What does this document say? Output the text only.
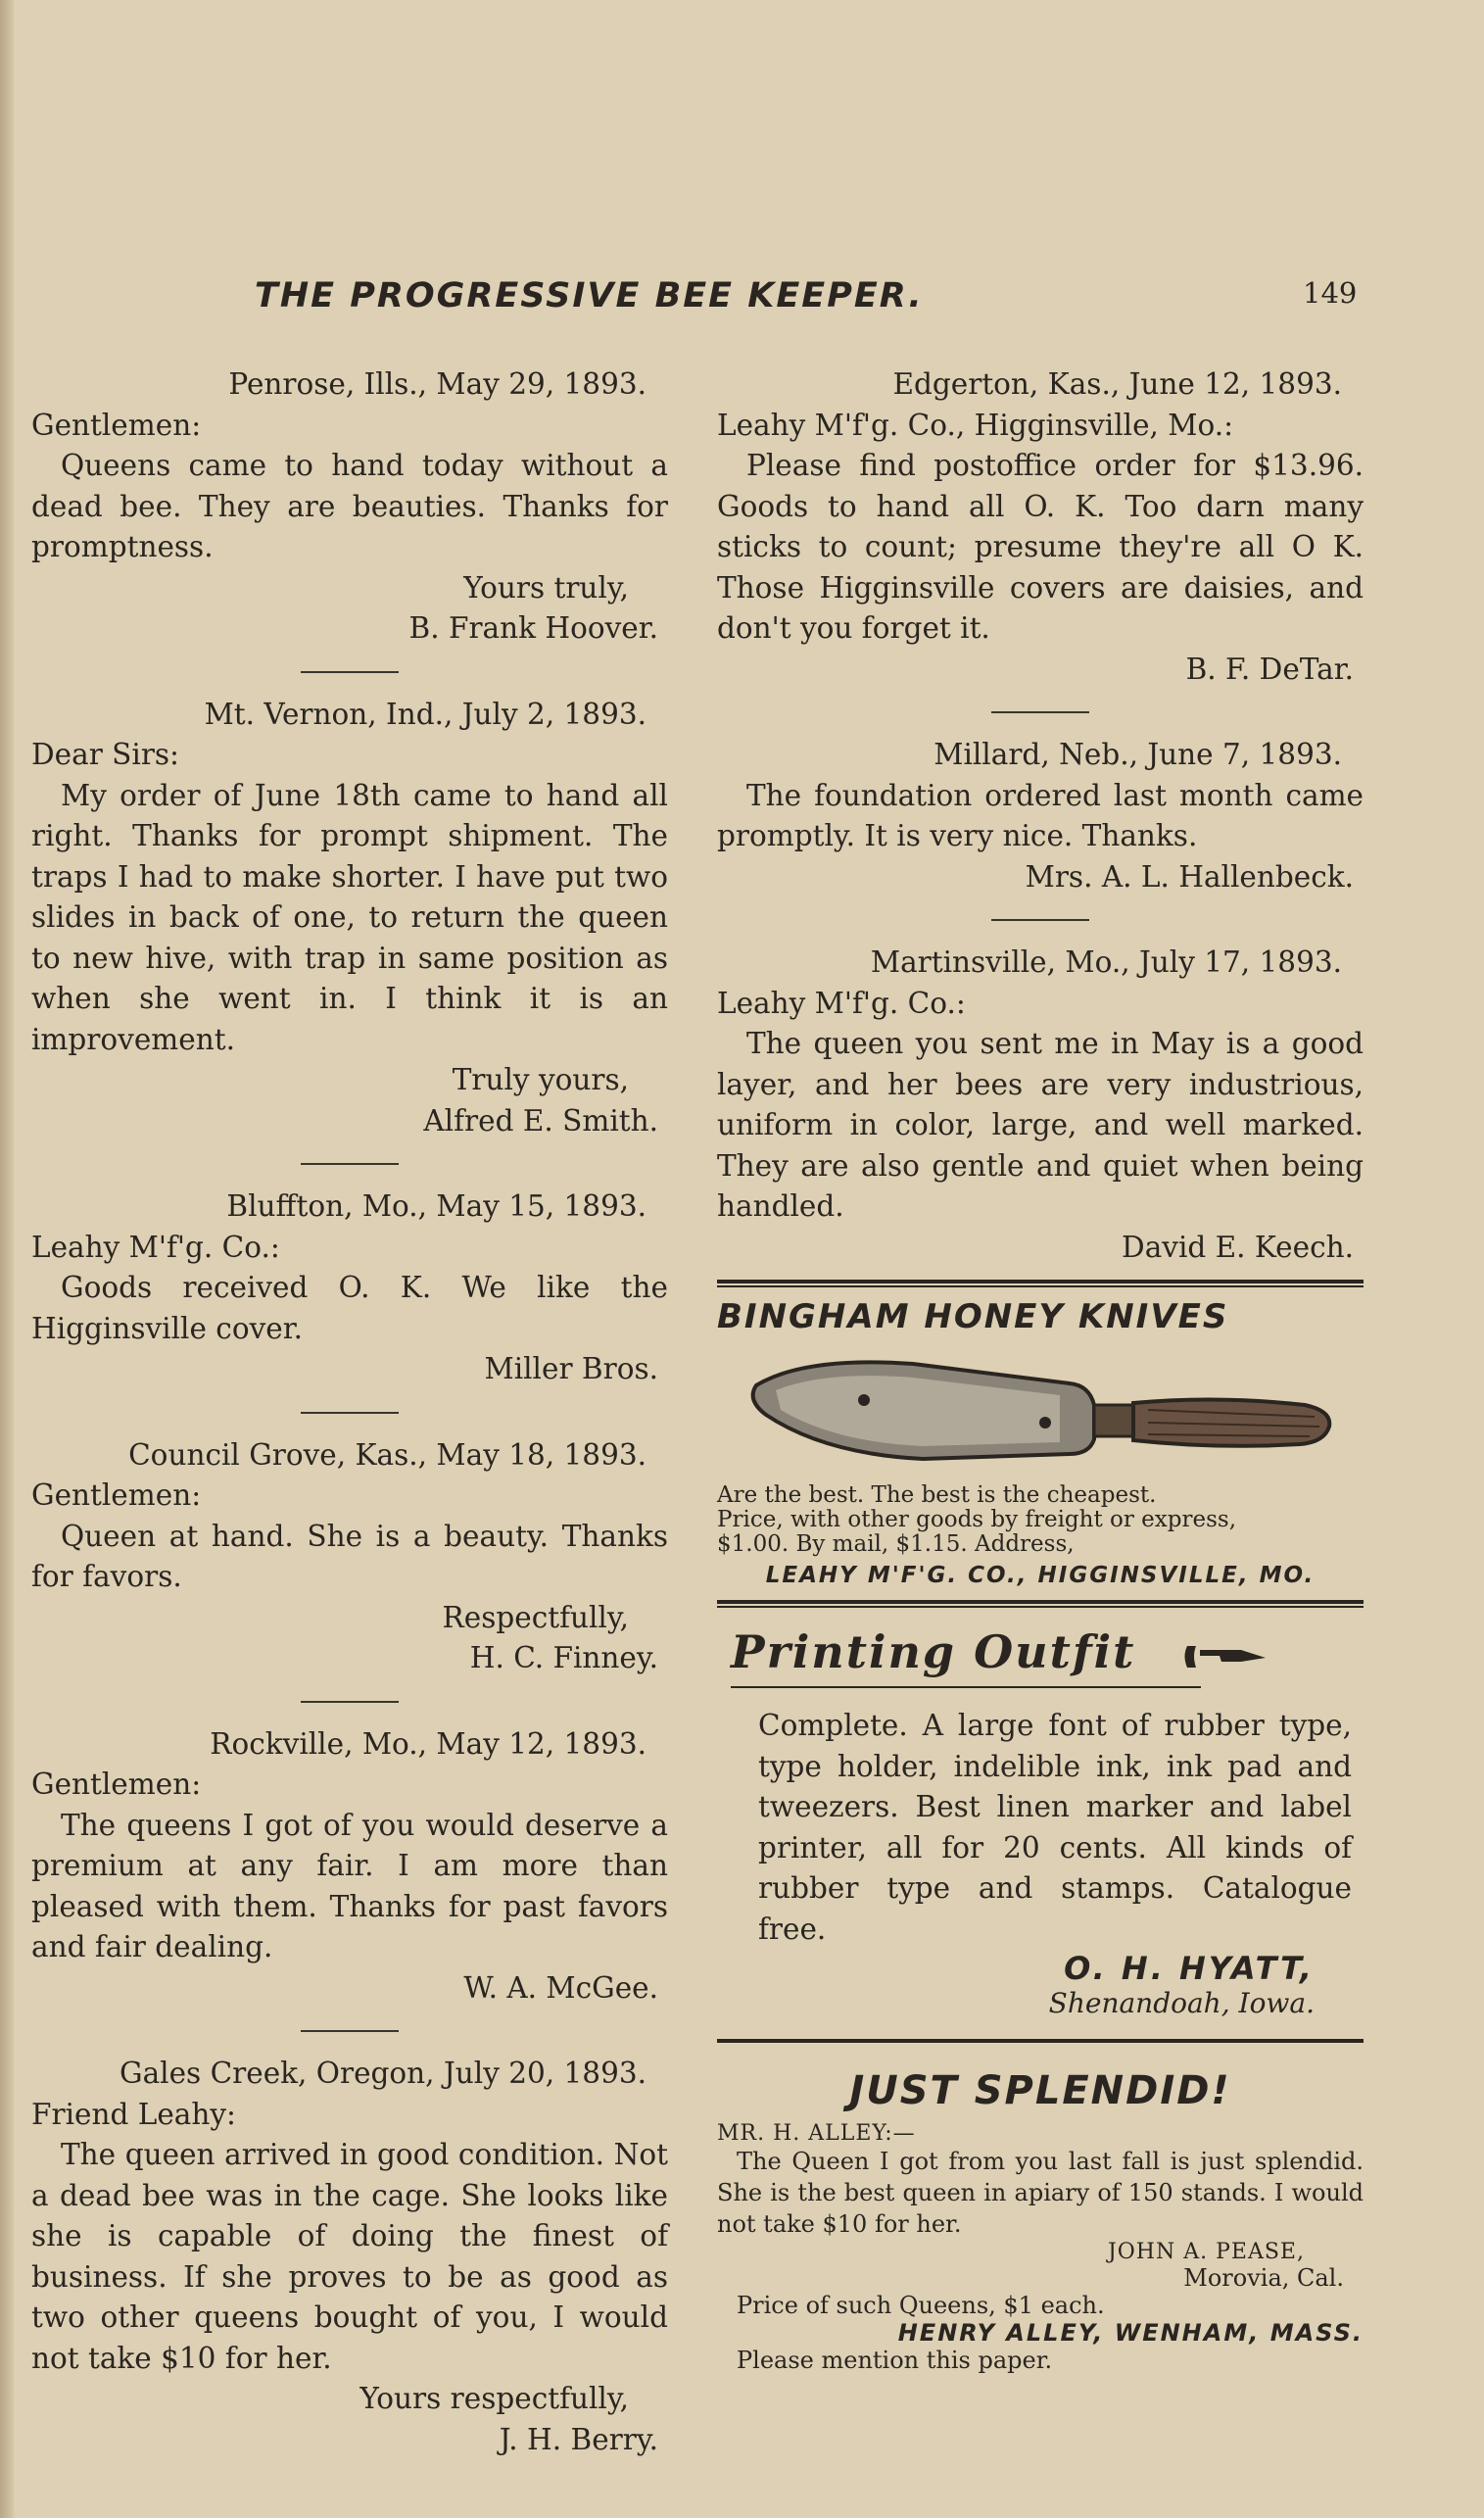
THE PROGRESSIVE BEE KEEPER.	149
Penrose, Ills., May 29, 1893.
Gentlemen:
Queens came to hand today without a dead bee. They are beauties. Thanks for promptness.
Yours truly,
B. Frank Hoover.
Mt. Vernon, Ind., July 2, 1893.
Dear Sirs:
My order of June 18th came to hand all right. Thanks for prompt shipment. The traps I had to make shorter. I have put two slides in back of one, to return the queen to new hive, with trap in same position as when she went in. I think it is an improvement.
Truly yours,
Alfred E. Smith.
Bluffton, Mo., May 15, 1893.
Leahy M'f'g. Co.:
Goods received O. K. We like the Higginsville cover.
Miller Bros.
Council Grove, Kas., May 18, 1893.
Gentlemen:
Queen at hand. She is a beauty. Thanks for favors.
Respectfully,
H. C. Finney.
Rockville, Mo., May 12, 1893.
Gentlemen:
The queens I got of you would deserve a premium at any fair. I am more than pleased with them. Thanks for past favors and fair dealing.
W. A. McGee.
Gales Creek, Oregon, July 20, 1893.
Friend Leahy:
The queen arrived in good condition. Not a dead bee was in the cage. She looks like she is capable of doing the finest of business. If she proves to be as good as two other queens bought of you, I would not take $10 for her.
Yours respectfully,
J. H. Berry.
Edgerton, Kas., June 12, 1893.
Leahy M'f'g. Co., Higginsville, Mo.:
Please find postoffice order for $13.96. Goods to hand all O. K. Too darn many sticks to count; presume they're all O K. Those Higginsville covers are daisies, and don't you forget it.
B. F. DeTar.
Millard, Neb., June 7, 1893.
The foundation ordered last month came promptly. It is very nice. Thanks.
Mrs. A. L. Hallenbeck.
Martinsville, Mo., July 17, 1893.
Leahy M'f'g. Co.:
The queen you sent me in May is a good layer, and her bees are very industrious, uniform in color, large, and well marked. They are also gentle and quiet when being handled.
David E. Keech.
BINGHAM HONEY KNIVES
Are the best. The best is the cheapest.
Price, with other goods by freight or express,
$1.00. By mail, $1.15. Address,
LEAHY M'F'G. CO., HIGGINSVILLE, MO.
Printing Outfit
Complete. A large font of rubber type, type holder, indelible ink, ink pad and tweezers. Best linen marker and label printer, all for 20 cents. All kinds of rubber type and stamps. Catalogue free.
O. H. HYATT,
Shenandoah, Iowa.
JUST SPLENDID!
MR. H. ALLEY:—
The Queen I got from you last fall is just splendid. She is the best queen in apiary of 150 stands. I would not take $10 for her.
JOHN A. PEASE,
Morovia, Cal.
Price of such Queens, $1 each.
HENRY ALLEY, WENHAM, MASS.
Please mention this paper.
